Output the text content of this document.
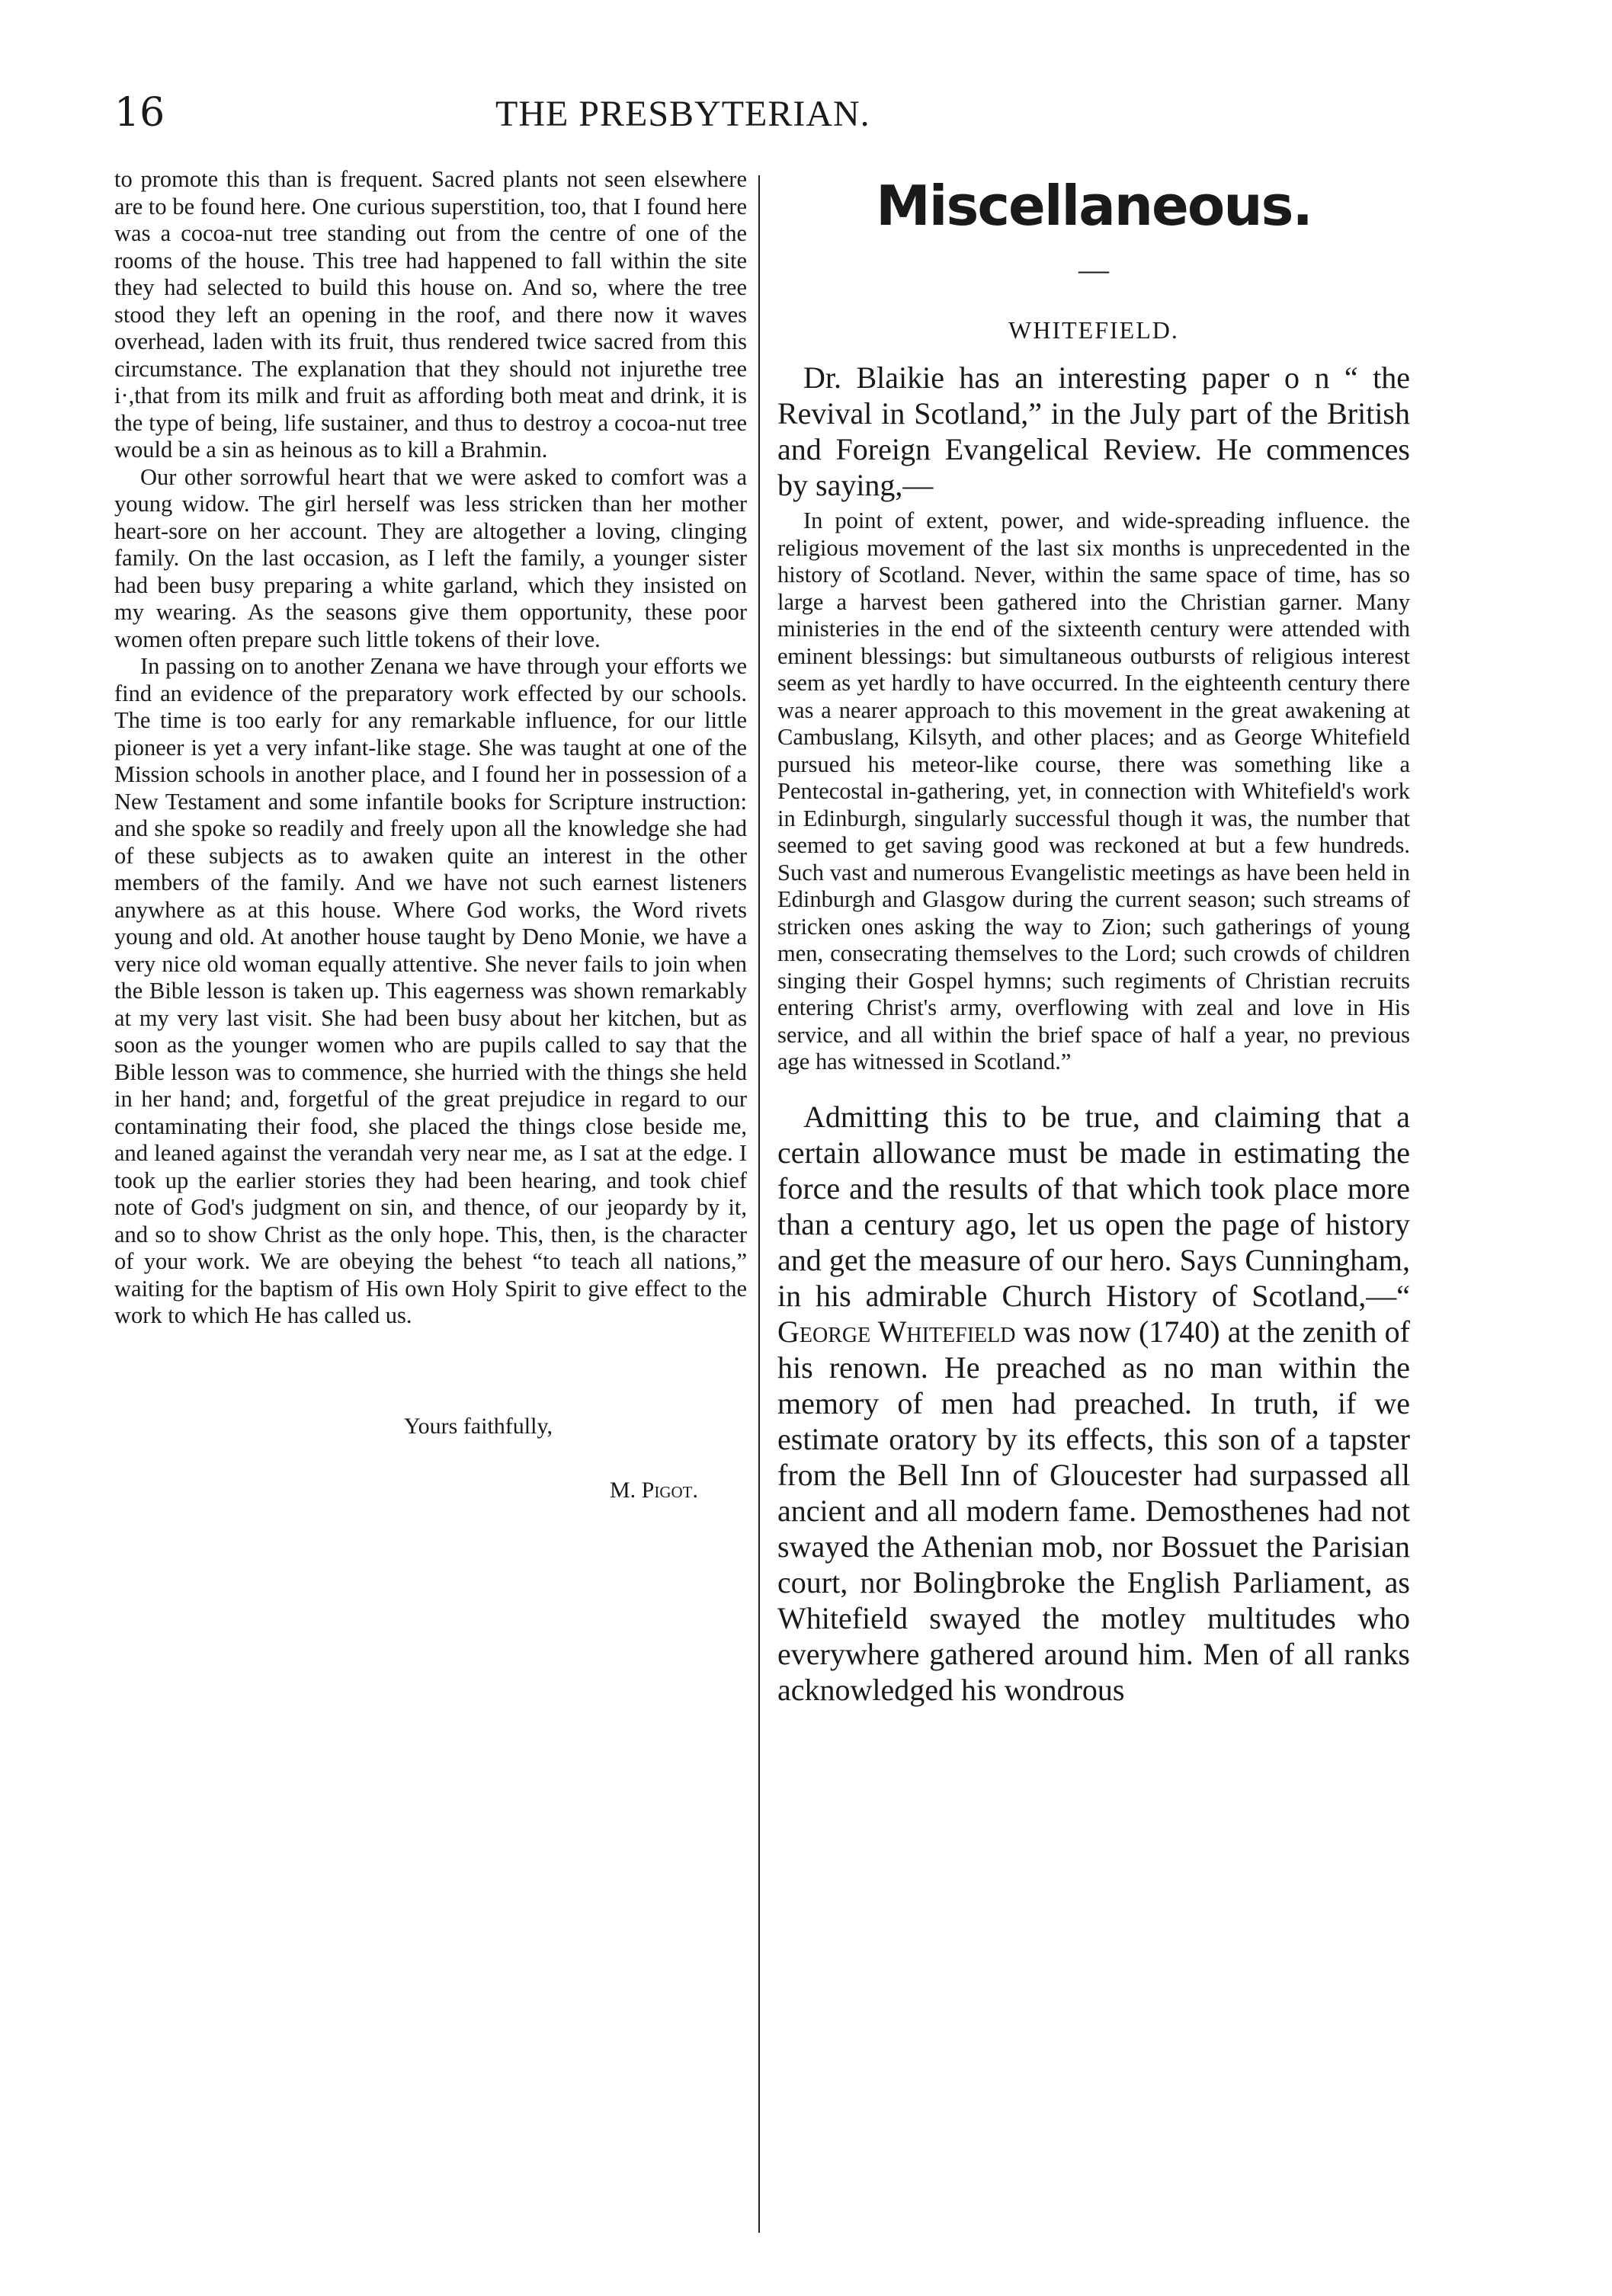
16	THE PRESBYTERIAN.

to promote this than is frequent. Sacred plants not seen elsewhere are to be found here. One curious superstition, too, that I found here was a cocoa-nut tree standing out from the centre of one of the rooms of the house. This tree had happened to fall within the site they had selected to build this house on. And so, where the tree stood they left an opening in the roof, and there now it waves overhead, laden with its fruit, thus rendered twice sacred from this circumstance. The explanation that they should not injurethe tree i·,that from its milk and fruit as affording both meat and drink, it is the type of being, life sustainer, and thus to destroy a cocoa-nut tree would be a sin as heinous as to kill a Brahmin.

Our other sorrowful heart that we were asked to comfort was a young widow. The girl herself was less stricken than her mother heart-sore on her account. They are altogether a loving, clinging family. On the last occasion, as I left the family, a younger sister had been busy preparing a white garland, which they insisted on my wearing. As the seasons give them opportunity, these poor women often prepare such little tokens of their love.

In passing on to another Zenana we have through your efforts we find an evidence of the preparatory work effected by our schools. The time is too early for any remarkable influence, for our little pioneer is yet a very infant-like stage. She was taught at one of the Mission schools in another place, and I found her in possession of a New Testament and some infantile books for Scripture instruction: and she spoke so readily and freely upon all the knowledge she had of these subjects as to awaken quite an interest in the other members of the family. And we have not such earnest listeners anywhere as at this house. Where God works, the Word rivets young and old. At another house taught by Deno Monie, we have a very nice old woman equally attentive. She never fails to join when the Bible lesson is taken up. This eagerness was shown remarkably at my very last visit. She had been busy about her kitchen, but as soon as the younger women who are pupils called to say that the Bible lesson was to commence, she hurried with the things she held in her hand; and, forgetful of the great prejudice in regard to our contaminating their food, she placed the things close beside me, and leaned against the verandah very near me, as I sat at the edge. I took up the earlier stories they had been hearing, and took chief note of God's judgment on sin, and thence, of our jeopardy by it, and so to show Christ as the only hope. This, then, is the character of your work. We are obeying the behest “to teach all nations,” waiting for the baptism of His own Holy Spirit to give effect to the work to which He has called us.

Yours faithfully,
M. Pigot.
Miscellaneous.
—
WHITEFIELD.

Dr. Blaikie has an interesting paper o n “ the Revival in Scotland,” in the July part of the British and Foreign Evangelical Review. He commences by saying,—

In point of extent, power, and wide-spreading influence. the religious movement of the last six months is unprecedented in the history of Scotland. Never, within the same space of time, has so large a harvest been gathered into the Christian garner. Many ministeries in the end of the sixteenth century were attended with eminent blessings: but simultaneous outbursts of religious interest seem as yet hardly to have occurred. In the eighteenth century there was a nearer approach to this movement in the great awakening at Cambuslang, Kilsyth, and other places; and as George Whitefield pursued his meteor-like course, there was something like a Pentecostal in-gathering, yet, in connection with Whitefield's work in Edinburgh, singularly successful though it was, the number that seemed to get saving good was reckoned at but a few hundreds. Such vast and numerous Evangelistic meetings as have been held in Edinburgh and Glasgow during the current season; such streams of stricken ones asking the way to Zion; such gatherings of young men, consecrating themselves to the Lord; such crowds of children singing their Gospel hymns; such regiments of Christian recruits entering Christ's army, overflowing with zeal and love in His service, and all within the brief space of half a year, no previous age has witnessed in Scotland.”

Admitting this to be true, and claiming that a certain allowance must be made in estimating the force and the results of that which took place more than a century ago, let us open the page of history and get the measure of our hero. Says Cunningham, in his admirable Church History of Scotland,—“ George Whitefield was now (1740) at the zenith of his renown. He preached as no man within the memory of men had preached. In truth, if we estimate oratory by its effects, this son of a tapster from the Bell Inn of Gloucester had surpassed all ancient and all modern fame. Demosthenes had not swayed the Athenian mob, nor Bossuet the Parisian court, nor Bolingbroke the English Parliament, as Whitefield swayed the motley multitudes who everywhere gathered around him. Men of all ranks acknowledged his wondrous
